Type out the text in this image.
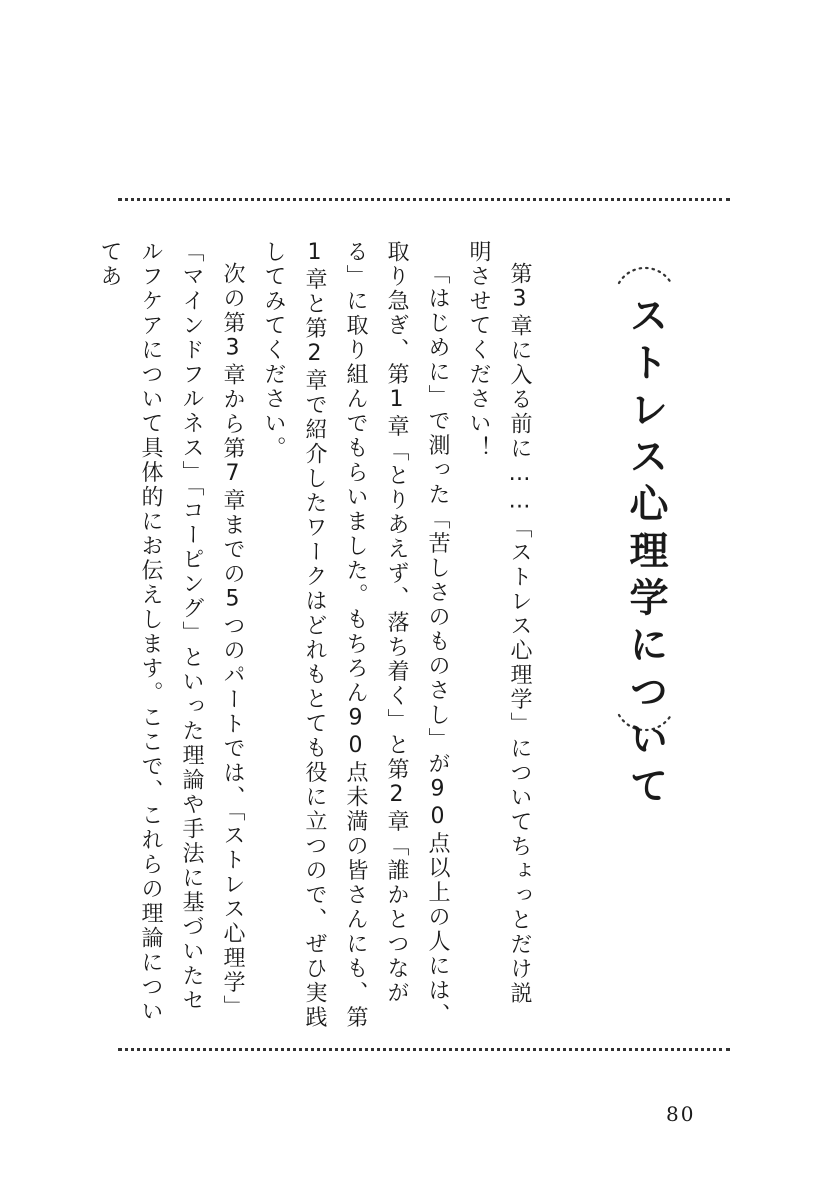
ストレス心理学について

第3章に入る前に……「ストレス心理学」についてちょっとだけ説明させてください！

「はじめに」で測った「苦しさのものさし」が90点以上の人には、取り急ぎ、第1章「とりあえず、落ち着く」と第2章「誰かとつながる」に取り組んでもらいました。もちろん90点未満の皆さんにも、第1章と第2章で紹介したワークはどれもとても役に立つので、ぜひ実践してみてください。

次の第3章から第7章までの5つのパートでは、「ストレス心理学」「マインドフルネス」「コーピング」といった理論や手法に基づいたセルフケアについて具体的にお伝えします。ここで、これらの理論についてあ

80
